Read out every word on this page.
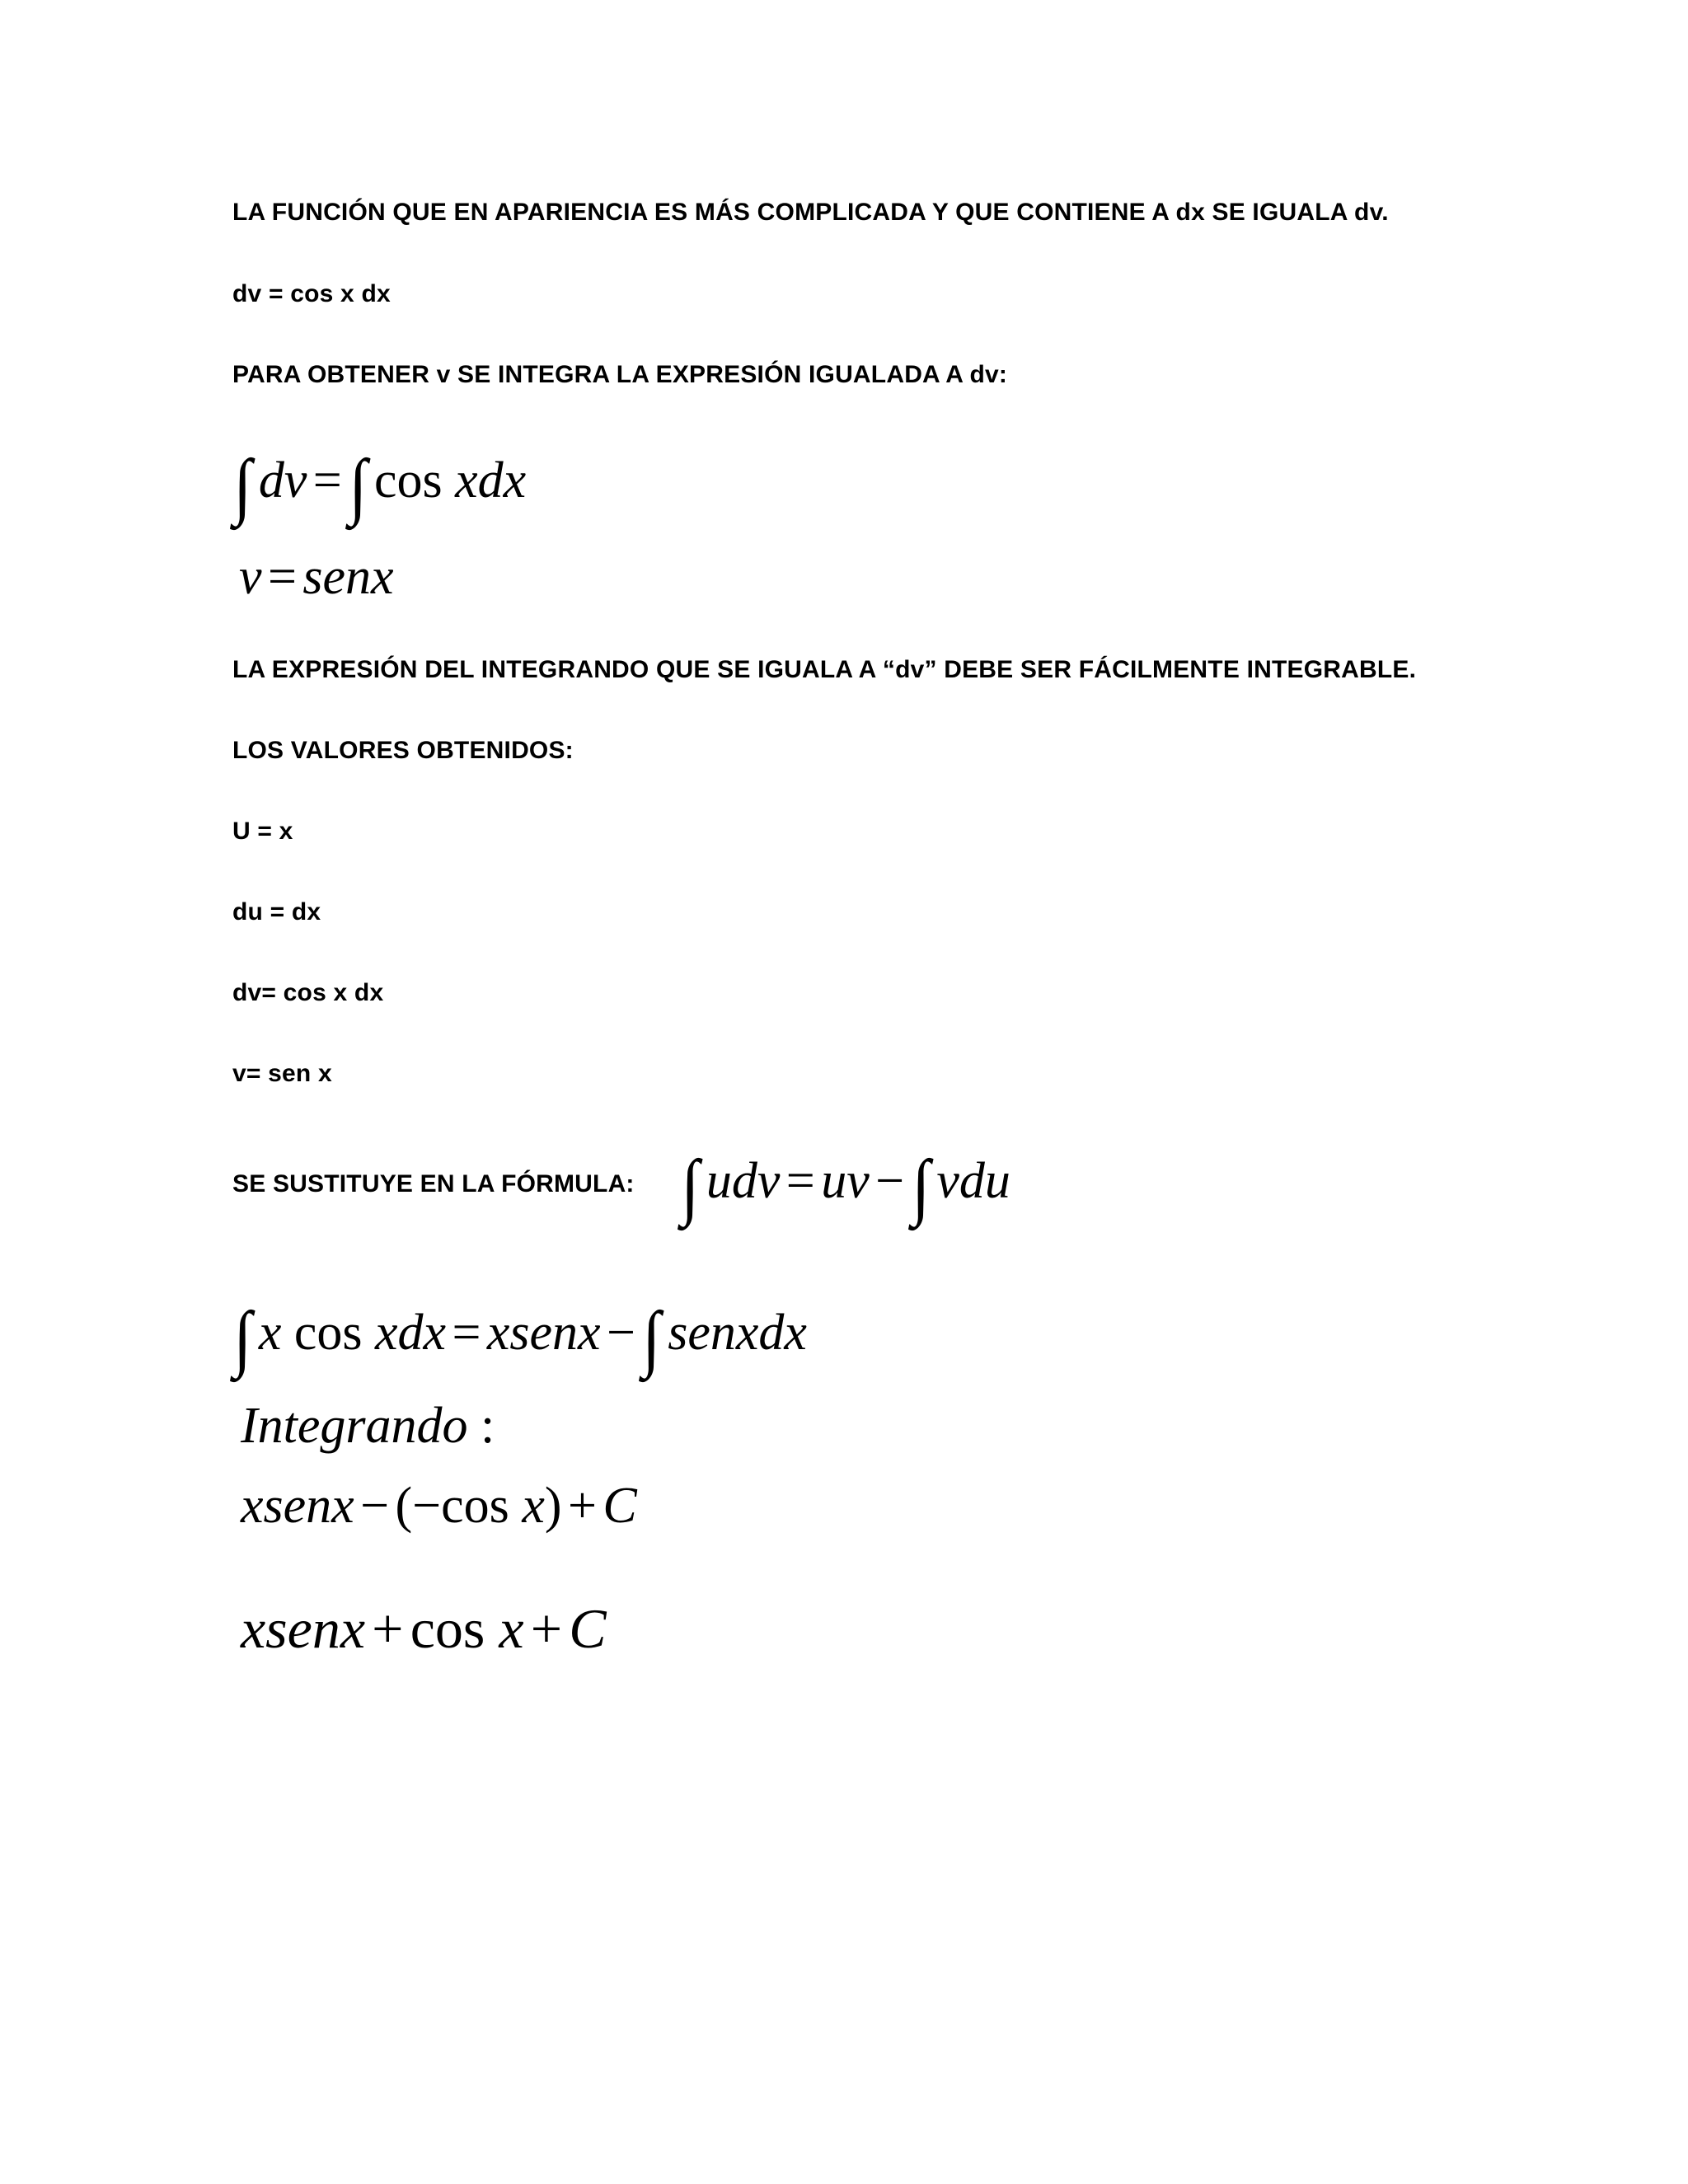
LA FUNCIÓN QUE EN APARIENCIA ES MÁS COMPLICADA Y QUE CONTIENE A dx SE IGUALA dv.
dv = cos x dx
PARA OBTENER v SE INTEGRA LA EXPRESIÓN IGUALADA A dv:
∫ dv =∫ cos xdx
v = senx
LA EXPRESIÓN DEL INTEGRANDO QUE SE IGUALA A “dv” DEBE SER FÁCILMENTE INTEGRABLE.
LOS VALORES OBTENIDOS:
U = x
du = dx
dv= cos x dx
v= sen x
SE SUSTITUYE EN LA FÓRMULA: ∫ udv = uv −∫ vdu
∫ x cos xdx = xsenx −∫ senxdx
Integrando :
xsenx − (−cos x) + C
xsenx + cos x + C
